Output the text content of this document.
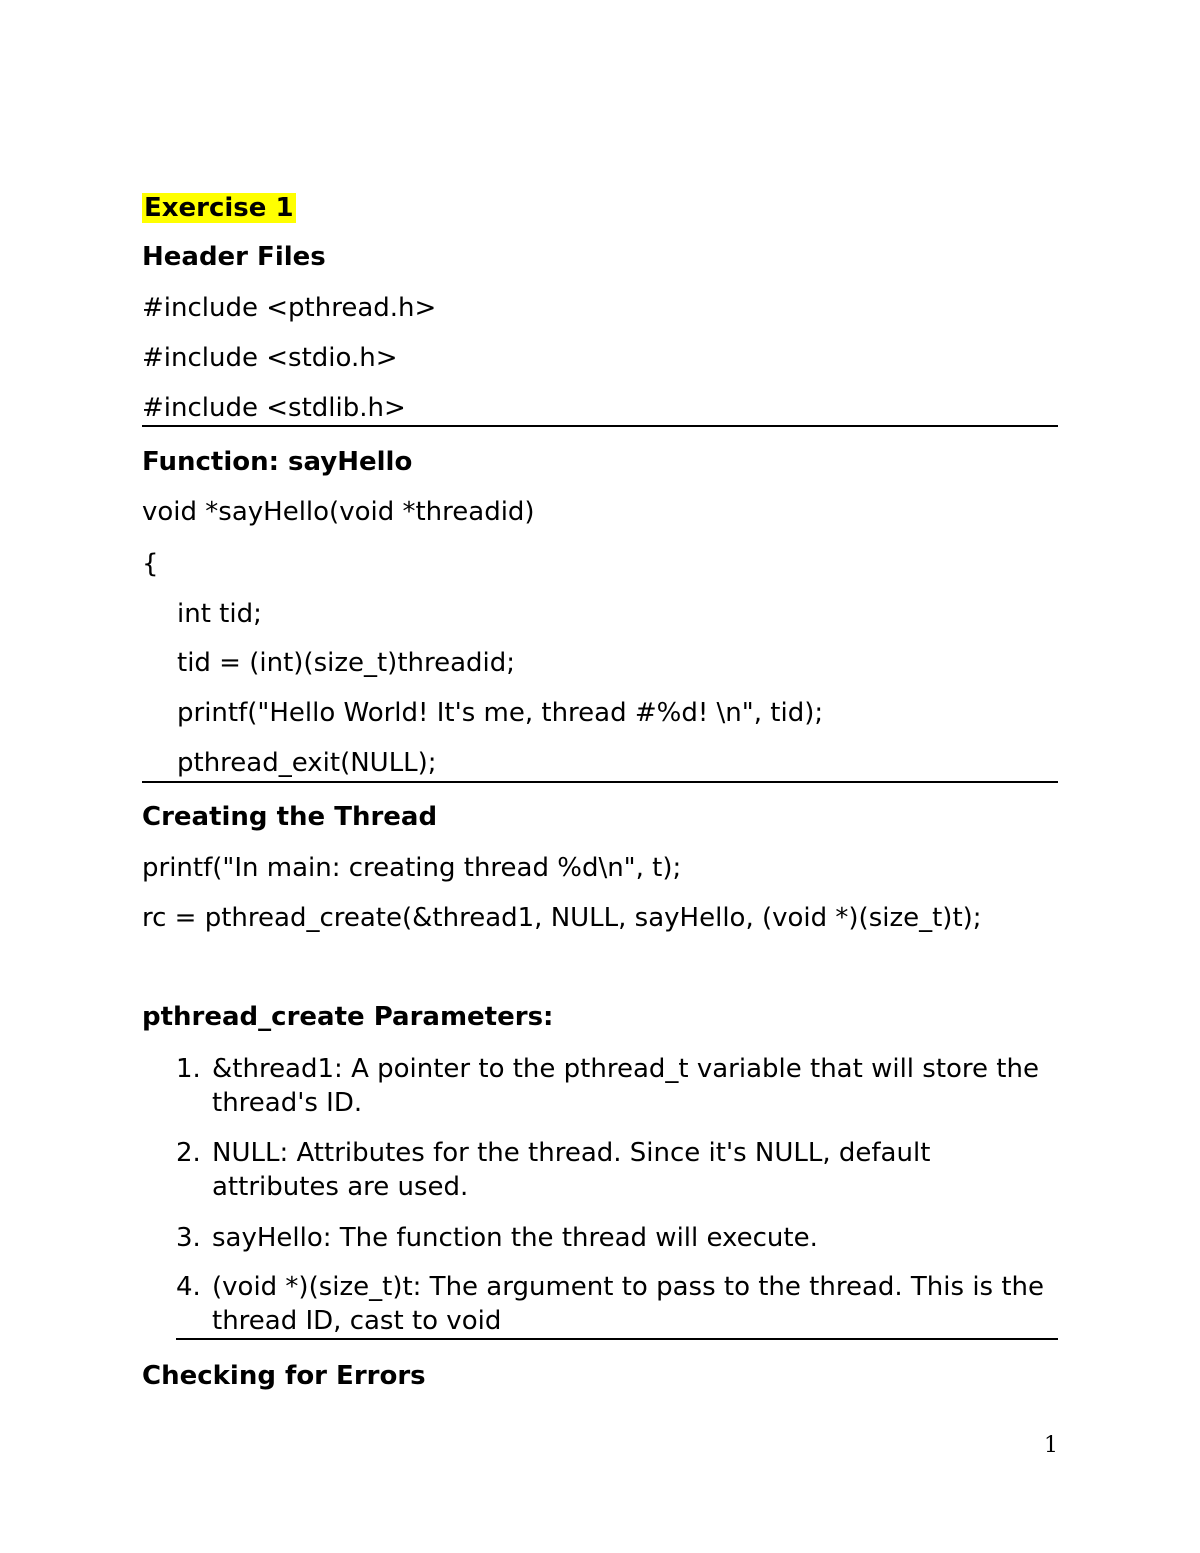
Exercise 1
Header Files
#include <pthread.h>
#include <stdio.h>
#include <stdlib.h>
Function: sayHello
void *sayHello(void *threadid)
{
int tid;
tid = (int)(size_t)threadid;
printf("Hello World! It's me, thread #%d! \n", tid);
pthread_exit(NULL);
Creating the Thread
printf("In main: creating thread %d\n", t);
rc = pthread_create(&thread1, NULL, sayHello, (void *)(size_t)t);
pthread_create Parameters:
1. &thread1: A pointer to the pthread_t variable that will store the thread's ID.
2. NULL: Attributes for the thread. Since it's NULL, default attributes are used.
3. sayHello: The function the thread will execute.
4. (void *)(size_t)t: The argument to pass to the thread. This is the thread ID, cast to void
Checking for Errors
1
